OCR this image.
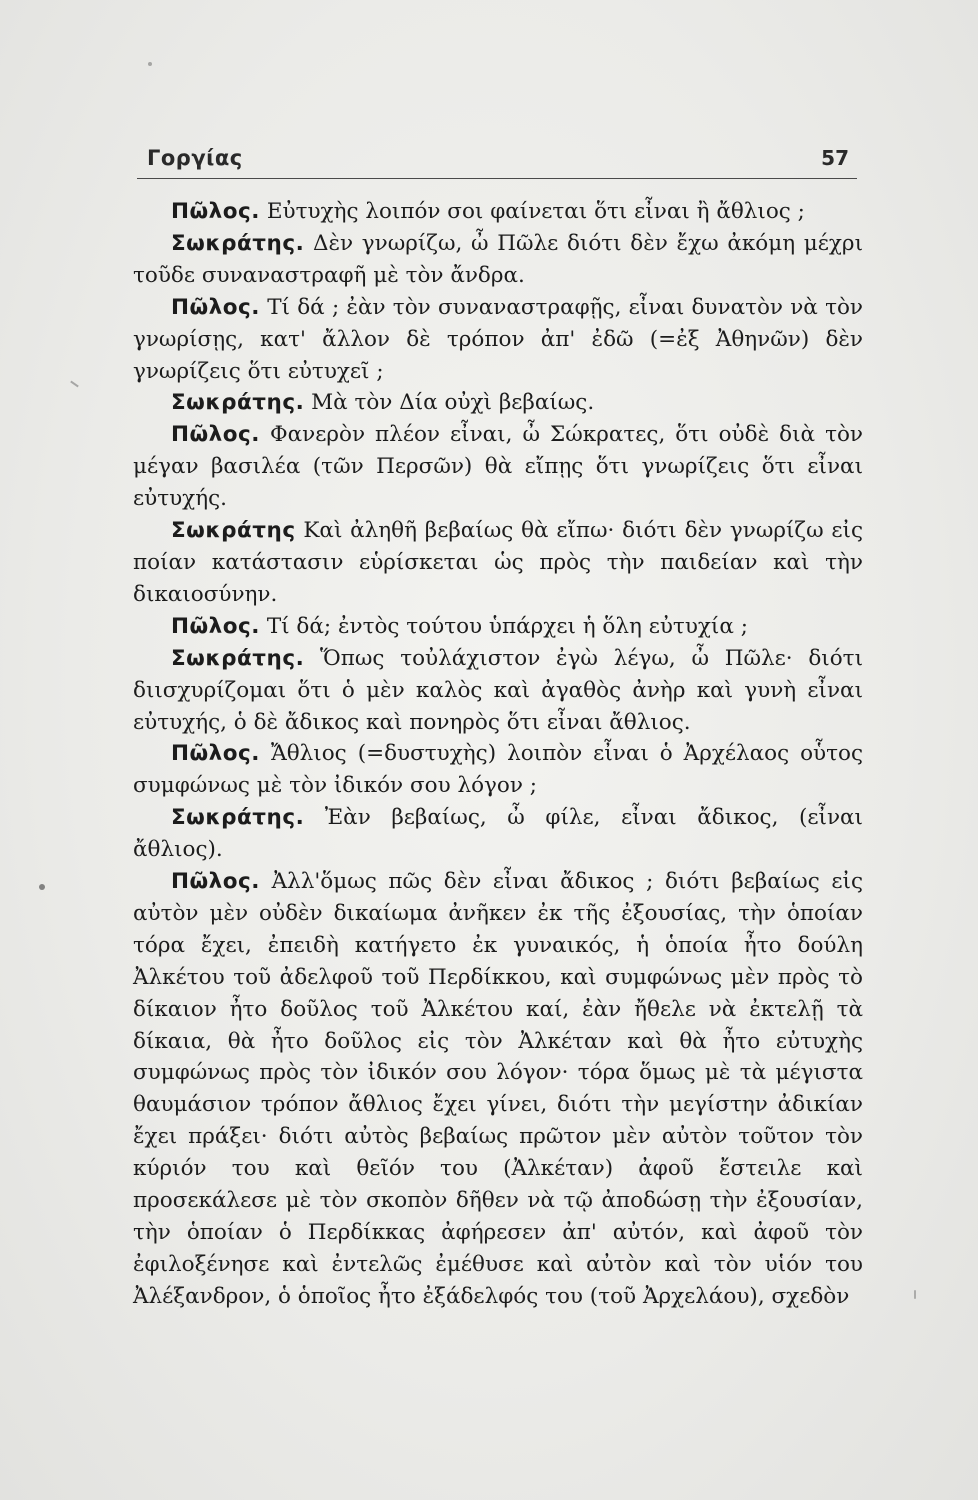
Γοργίας	57

Πῶλος. Εὐτυχὴς λοιπόν σοι φαίνεται ὅτι εἶναι ἢ ἄθλιος ;

Σωκράτης. Δὲν γνωρίζω, ὦ Πῶλε διότι δὲν ἔχω ἀκόμη μέχρι τοῦδε συναναστραφῆ μὲ τὸν ἄνδρα.

Πῶλος. Τί δά ; ἐὰν τὸν συναναστραφῇς, εἶναι δυνατὸν νὰ τὸν γνωρίσῃς, κατ' ἄλλον δὲ τρόπον ἀπ' ἐδῶ (=ἐξ Ἀθηνῶν) δὲν γνωρίζεις ὅτι εὐτυχεῖ ;

Σωκράτης. Μὰ τὸν Δία οὐχὶ βεβαίως.

Πῶλος. Φανερὸν πλέον εἶναι, ὦ Σώκρατες, ὅτι οὐδὲ διὰ τὸν μέγαν βασιλέα (τῶν Περσῶν) θὰ εἴπῃς ὅτι γνωρίζεις ὅτι εἶναι εὐτυχής.

Σωκράτης Καὶ ἀληθῆ βεβαίως θὰ εἴπω· διότι δὲν γνωρίζω εἰς ποίαν κατάστασιν εὑρίσκεται ὡς πρὸς τὴν παιδείαν καὶ τὴν δικαιοσύνην.

Πῶλος. Τί δά; ἐντὸς τούτου ὑπάρχει ἡ ὅλη εὐτυχία ;

Σωκράτης. Ὅπως τοὐλάχιστον ἐγὼ λέγω, ὦ Πῶλε· διότι διισχυρίζομαι ὅτι ὁ μὲν καλὸς καὶ ἀγαθὸς ἀνὴρ καὶ γυνὴ εἶναι εὐτυχής, ὁ δὲ ἄδικος καὶ πονηρὸς ὅτι εἶναι ἄθλιος.

Πῶλος. Ἄθλιος (=δυστυχὴς) λοιπὸν εἶναι ὁ Ἀρχέλαος οὗτος συμφώνως μὲ τὸν ἰδικόν σου λόγον ;

Σωκράτης. Ἐὰν βεβαίως, ὦ φίλε, εἶναι ἄδικος, (εἶναι ἄθλιος).

Πῶλος. Ἀλλ'ὅμως πῶς δὲν εἶναι ἄδικος ; διότι βεβαίως εἰς αὐτὸν μὲν οὐδὲν δικαίωμα ἀνῆκεν ἐκ τῆς ἐξουσίας, τὴν ὁποίαν τόρα ἔχει, ἐπειδὴ κατήγετο ἐκ γυναικός, ἡ ὁποία ἦτο δούλη Ἀλκέτου τοῦ ἀδελφοῦ τοῦ Περδίκκου, καὶ συμφώνως μὲν πρὸς τὸ δίκαιον ἦτο δοῦλος τοῦ Ἀλκέτου καί, ἐὰν ἤθελε νὰ ἐκτελῇ τὰ δίκαια, θὰ ἦτο δοῦλος εἰς τὸν Ἀλκέταν καὶ θὰ ἦτο εὐτυχὴς συμφώνως πρὸς τὸν ἰδικόν σου λόγον· τόρα ὅμως μὲ τὰ μέγιστα θαυμάσιον τρόπον ἄθλιος ἔχει γίνει, διότι τὴν μεγίστην ἀδικίαν ἔχει πράξει· διότι αὐτὸς βεβαίως πρῶτον μὲν αὐτὸν τοῦτον τὸν κύριόν του καὶ θεῖόν του (Ἀλκέταν) ἀφοῦ ἔστειλε καὶ προσεκάλεσε μὲ τὸν σκοπὸν δῆθεν νὰ τῷ ἀποδώσῃ τὴν ἐξουσίαν, τὴν ὁποίαν ὁ Περδίκκας ἀφήρεσεν ἀπ' αὐτόν, καὶ ἀφοῦ τὸν ἐφιλοξένησε καὶ ἐντελῶς ἐμέθυσε καὶ αὐτὸν καὶ τὸν υἱόν του Ἀλέξανδρον, ὁ ὁποῖος ἦτο ἐξάδελφός του (τοῦ Ἀρχελάου), σχεδὸν
